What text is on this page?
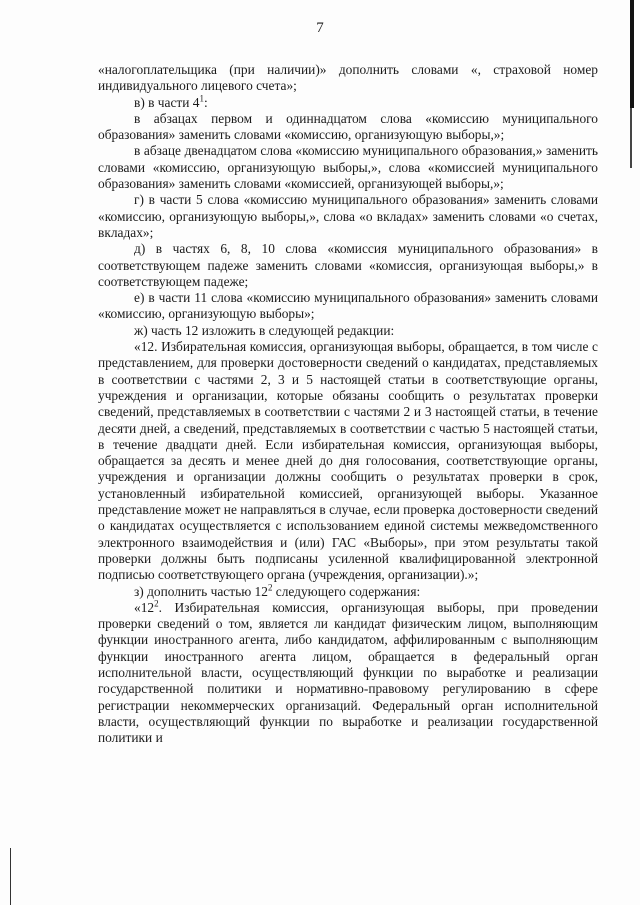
7

«налогоплательщика (при наличии)» дополнить словами «, страховой номер индивидуального лицевого счета»;

в) в части $4^1$:

в абзацах первом и одиннадцатом слова «комиссию муниципального образования» заменить словами «комиссию, организующую выборы,»;

в абзаце двенадцатом слова «комиссию муниципального образования,» заменить словами «комиссию, организующую выборы,», слова «комиссией муниципального образования» заменить словами «комиссией, организующей выборы,»;

г) в части 5 слова «комиссию муниципального образования» заменить словами «комиссию, организующую выборы,», слова «о вкладах» заменить словами «о счетах, вкладах»;

д) в частях 6, 8, 10 слова «комиссия муниципального образования» в соответствующем падеже заменить словами «комиссия, организующая выборы,» в соответствующем падеже;

е) в части 11 слова «комиссию муниципального образования» заменить словами «комиссию, организующую выборы»;

ж) часть 12 изложить в следующей редакции:

«12. Избирательная комиссия, организующая выборы, обращается, в том числе с представлением, для проверки достоверности сведений о кандидатах, представляемых в соответствии с частями 2, 3 и 5 настоящей статьи в соответствующие органы, учреждения и организации, которые обязаны сообщить о результатах проверки сведений, представляемых в соответствии с частями 2 и 3 настоящей статьи, в течение десяти дней, а сведений, представляемых в соответствии с частью 5 настоящей статьи, в течение двадцати дней. Если избирательная комиссия, организующая выборы, обращается за десять и менее дней до дня голосования, соответствующие органы, учреждения и организации должны сообщить о результатах проверки в срок, установленный избирательной комиссией, организующей выборы. Указанное представление может не направляться в случае, если проверка достоверности сведений о кандидатах осуществляется с использованием единой системы межведомственного электронного взаимодействия и (или) ГАС «Выборы», при этом результаты такой проверки должны быть подписаны усиленной квалифицированной электронной подписью соответствующего органа (учреждения, организации).»;

з) дополнить частью $12^2$ следующего содержания:

«$12^2$. Избирательная комиссия, организующая выборы, при проведении проверки сведений о том, является ли кандидат физическим лицом, выполняющим функции иностранного агента, либо кандидатом, аффилированным с выполняющим функции иностранного агента лицом, обращается в федеральный орган исполнительной власти, осуществляющий функции по выработке и реализации государственной политики и нормативно-правовому регулированию в сфере регистрации некоммерческих организаций. Федеральный орган исполнительной власти, осуществляющий функции по выработке и реализации государственной политики и
